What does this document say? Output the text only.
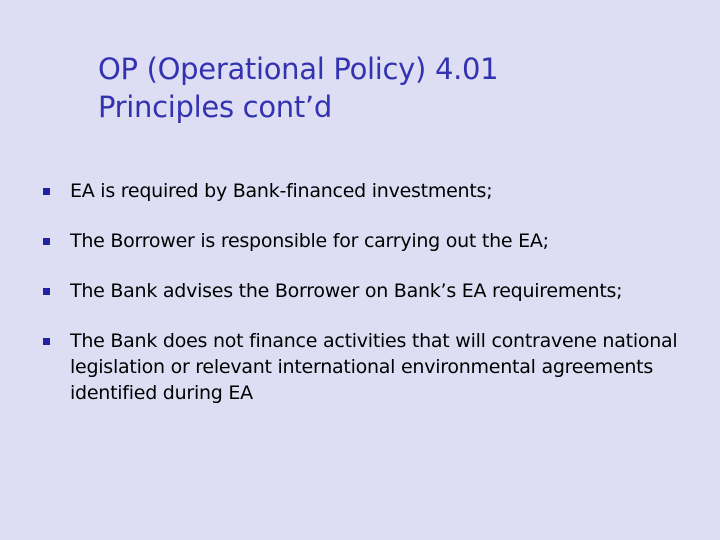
OP (Operational Policy) 4.01
Principles cont’d
EA is required by Bank-financed investments;
The Borrower is responsible for carrying out the EA;
The Bank advises the Borrower on Bank’s EA requirements;
The Bank does not finance activities that will contravene national legislation or relevant international environmental agreements identified during EA
